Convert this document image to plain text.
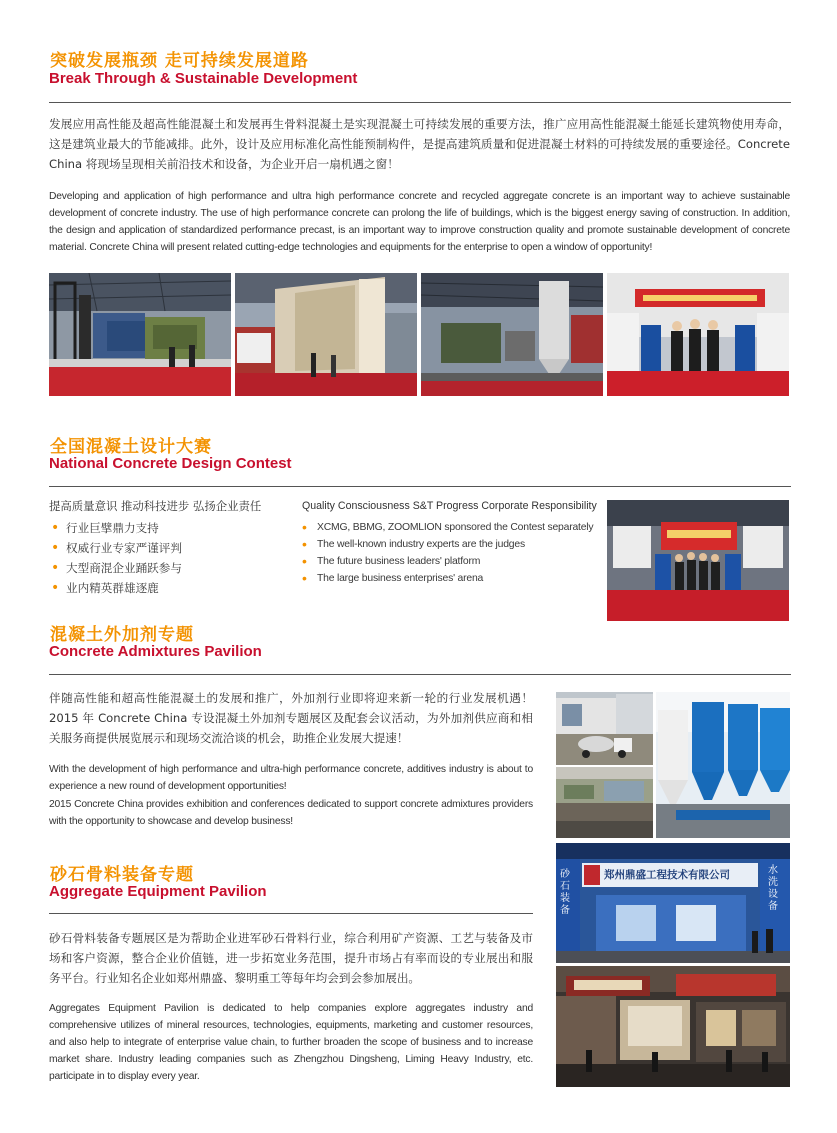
突破发展瓶颈 走可持续发展道路
Break Through & Sustainable Development
发展应用高性能及超高性能混凝土和发展再生骨料混凝土是实现混凝土可持续发展的重要方法，推广应用高性能混凝土能延长建筑物使用寿命，这是建筑业最大的节能减排。此外，设计及应用标准化高性能预制构件，是提高建筑质量和促进混凝土材料的可持续发展的重要途径。Concrete China 将现场呈现相关前沿技术和设备，为企业开启一扇机遇之窗！
Developing and application of high performance and ultra high performance concrete and recycled aggregate concrete is an important way to achieve sustainable development of concrete industry. The use of high performance concrete can prolong the life of buildings, which is the biggest energy saving of construction. In addition, the design and application of standardized performance precast, is an important way to improve construction quality and promote sustainable development of concrete material. Concrete China will present related cutting-edge technologies and equipments for the enterprise to open a window of opportunity!
全国混凝土设计大赛
National Concrete Design Contest
提高质量意识 推动科技进步 弘扬企业责任	Quality Consciousness S&T Progress Corporate Responsibility
• 行业巨擘鼎力支持
• 权威行业专家严谨评判
• 大型商混企业踊跃参与
• 业内精英群雄逐鹿
• XCMG, BBMG, ZOOMLION sponsored the Contest separately
• The well-known industry experts are the judges
• The future business leaders' platform
• The large business enterprises' arena
混凝土外加剂专题
Concrete Admixtures Pavilion
伴随高性能和超高性能混凝土的发展和推广，外加剂行业即将迎来新一轮的行业发展机遇！ 2015 年 Concrete China 专设混凝土外加剂专题展区及配套会议活动，为外加剂供应商和相关服务商提供展览展示和现场交流洽谈的机会，助推企业发展大提速！
With the development of high performance and ultra-high performance concrete, additives industry is about to experience a new round of development opportunities!
2015 Concrete China provides exhibition and conferences dedicated to support concrete admixtures providers with the opportunity to showcase and develop business!
砂石骨料装备专题
Aggregate Equipment Pavilion
砂石骨料装备专题展区是为帮助企业进军砂石骨料行业，综合利用矿产资源、工艺与装备及市场和客户资源，整合企业价值链，进一步拓宽业务范围，提升市场占有率而设的专业展出和服务平台。行业知名企业如郑州鼎盛、黎明重工等每年均会到会参加展出。
Aggregates Equipment Pavilion is dedicated to help companies explore aggregates industry and comprehensive utilizes of mineral resources, technologies, equipments, marketing and customer resources, and also help to integrate of enterprise value chain, to further broaden the scope of business and to increase market share. Industry leading companies such as Zhengzhou Dingsheng, Liming Heavy Industry, etc. participate in to display every year.
郑州鼎盛工程技术有限公司
砂石装备
水洗设备
